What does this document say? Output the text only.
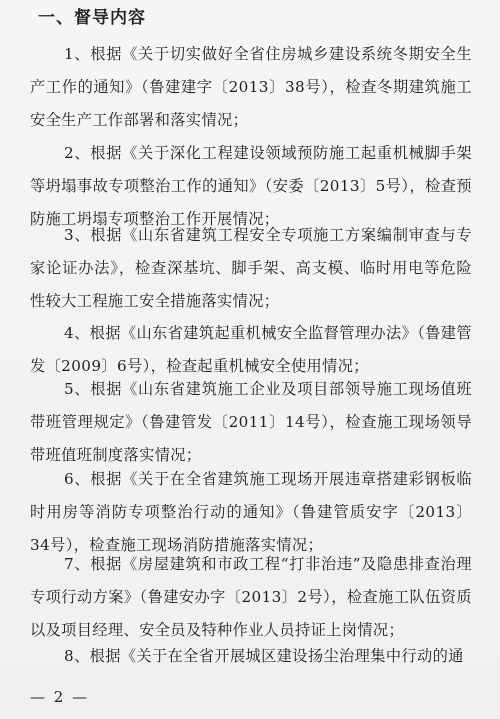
一、督导内容

1、根据《关于切实做好全省住房城乡建设系统冬期安全生产工作的通知》（鲁建建字〔2013〕38号），检查冬期建筑施工安全生产工作部署和落实情况；

2、根据《关于深化工程建设领域预防施工起重机械脚手架等坍塌事故专项整治工作的通知》（安委〔2013〕5号），检查预防施工坍塌专项整治工作开展情况；

3、根据《山东省建筑工程安全专项施工方案编制审查与专家论证办法》，检查深基坑、脚手架、高支模、临时用电等危险性较大工程施工安全措施落实情况；

4、根据《山东省建筑起重机械安全监督管理办法》（鲁建管发〔2009〕6号），检查起重机械安全使用情况；

5、根据《山东省建筑施工企业及项目部领导施工现场值班带班管理规定》（鲁建管发〔2011〕14号），检查施工现场领导带班值班制度落实情况；

6、根据《关于在全省建筑施工现场开展违章搭建彩钢板临时用房等消防专项整治行动的通知》（鲁建管质安字〔2013〕34号），检查施工现场消防措施落实情况；

7、根据《房屋建筑和市政工程“打非治违”及隐患排查治理专项行动方案》（鲁建安办字〔2013〕2号），检查施工队伍资质以及项目经理、安全员及特种作业人员持证上岗情况；

8、根据《关于在全省开展城区建设扬尘治理集中行动的通

— 2 —
